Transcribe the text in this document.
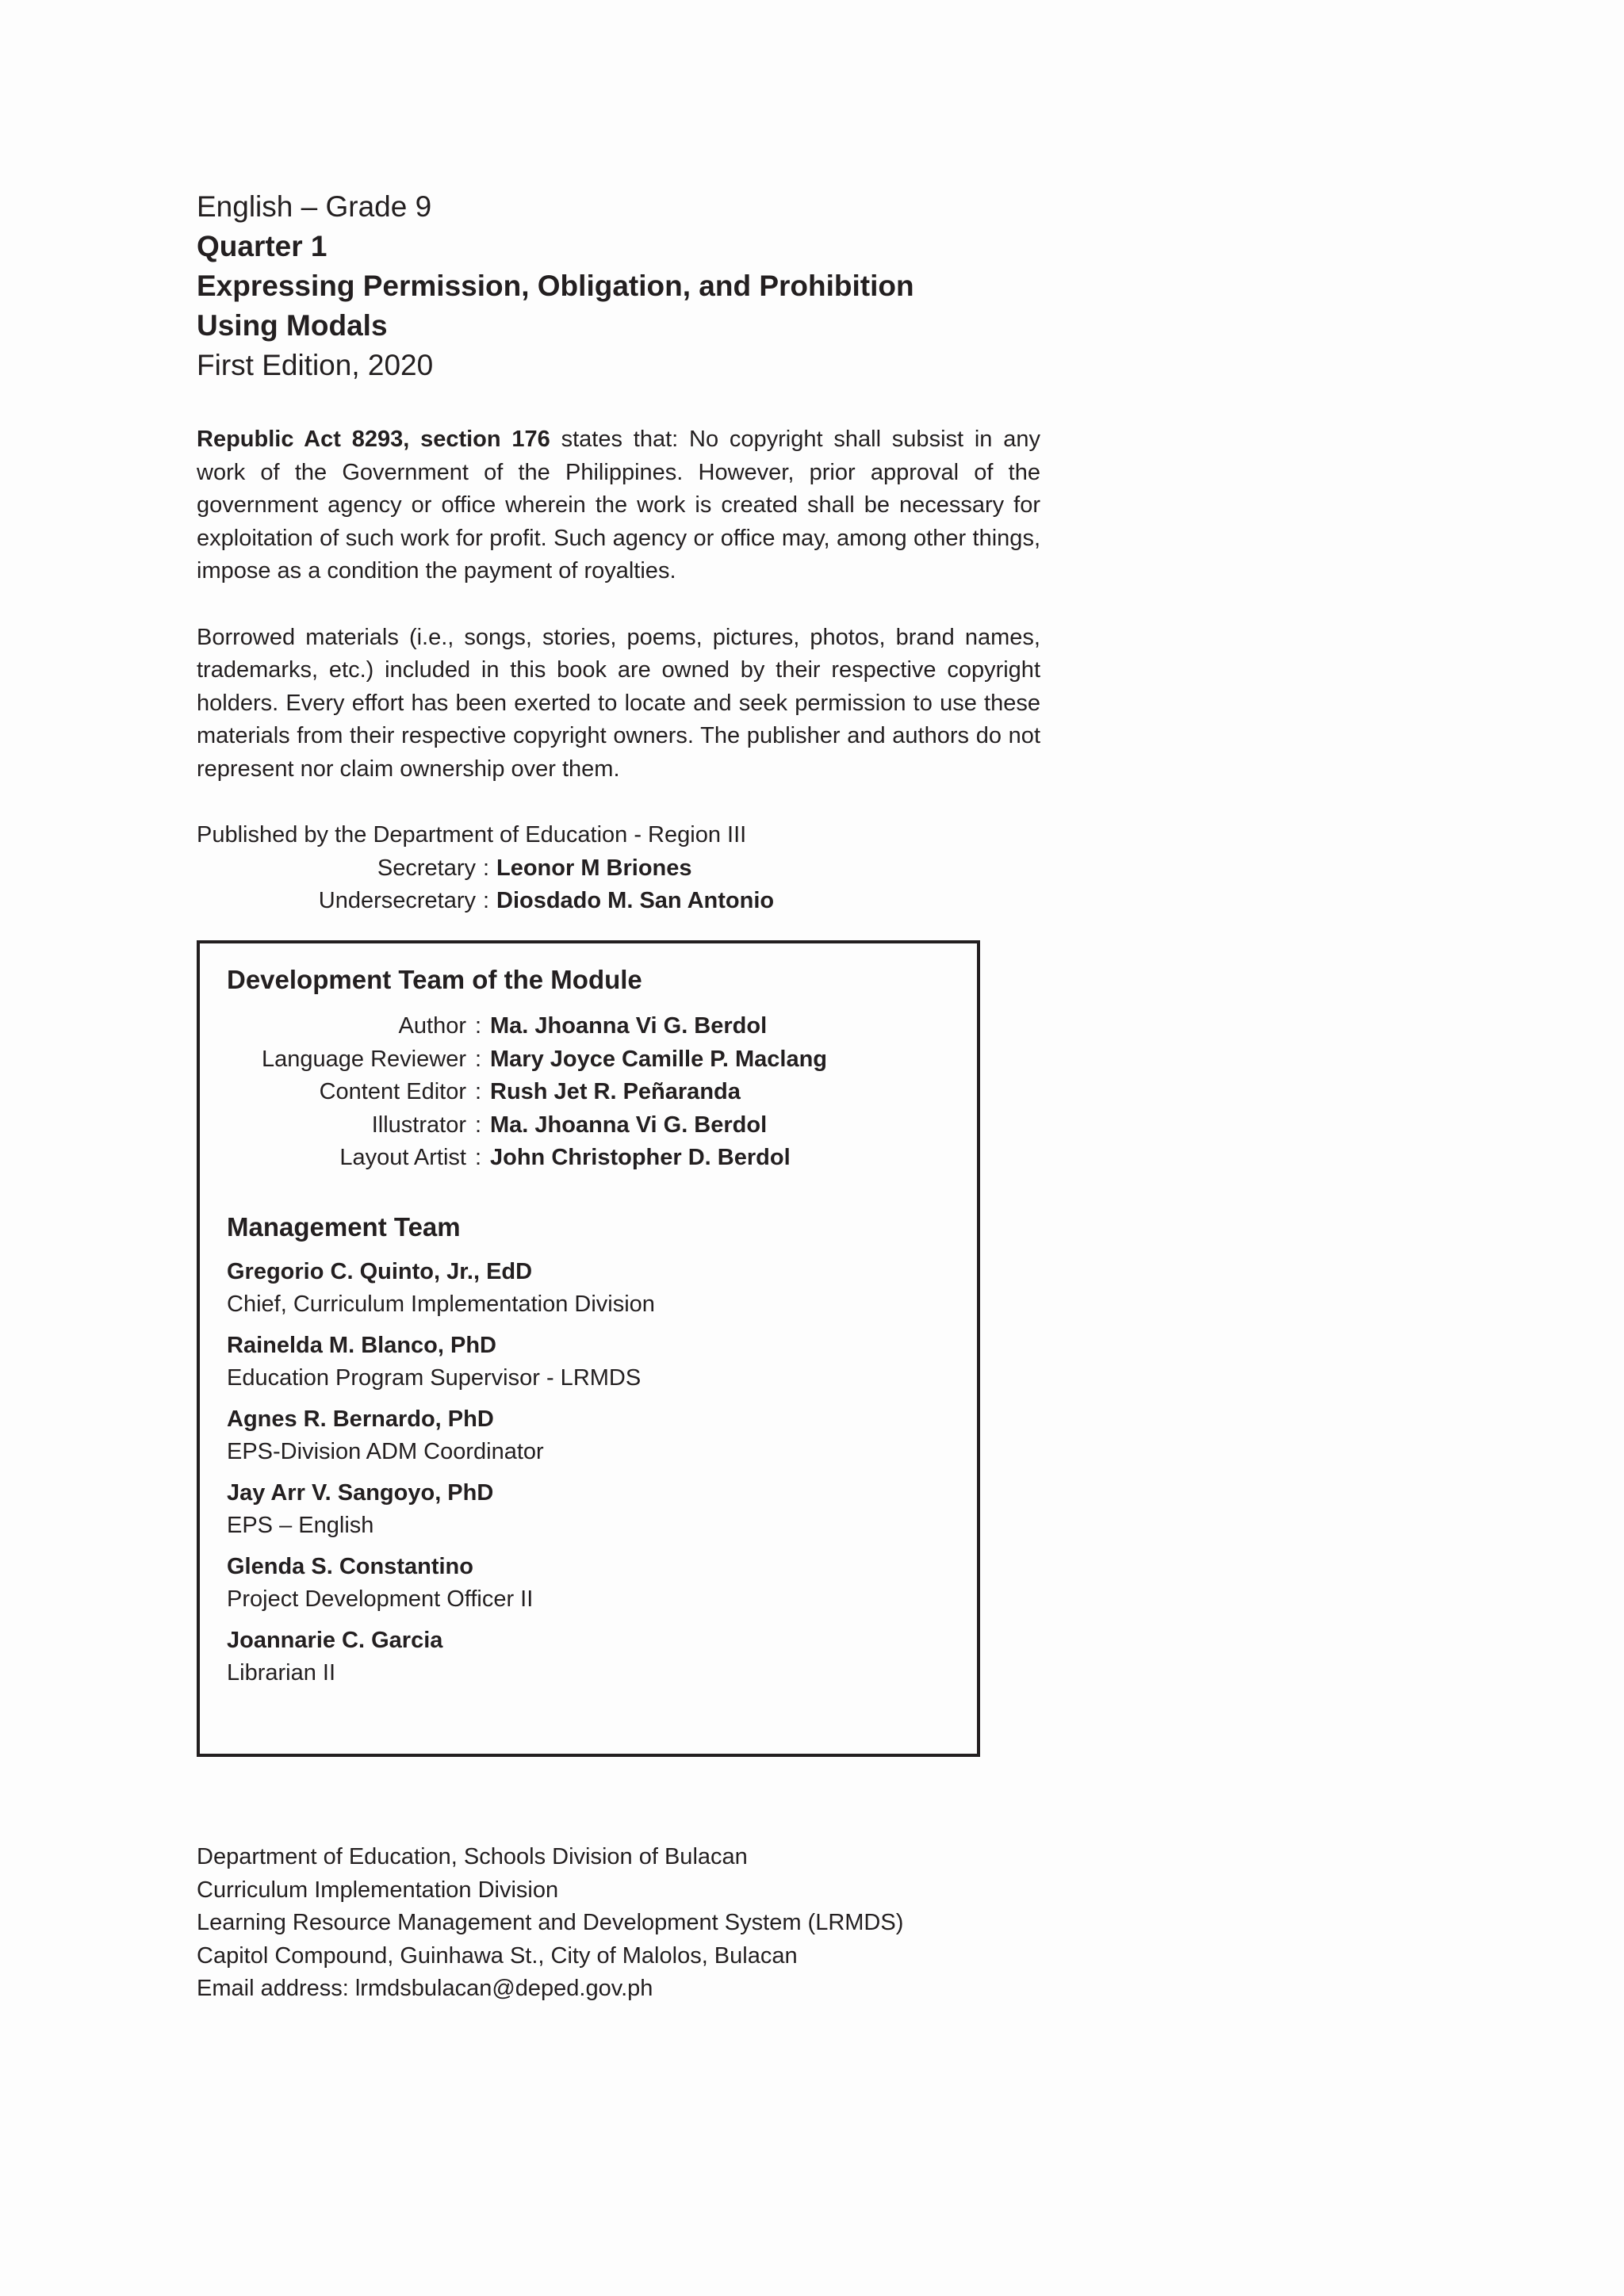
English – Grade 9
Quarter 1
Expressing Permission, Obligation, and Prohibition
Using Modals
First Edition, 2020

Republic Act 8293, section 176 states that: No copyright shall subsist in any work of the Government of the Philippines. However, prior approval of the government agency or office wherein the work is created shall be necessary for exploitation of such work for profit. Such agency or office may, among other things, impose as a condition the payment of royalties.

Borrowed materials (i.e., songs, stories, poems, pictures, photos, brand names, trademarks, etc.) included in this book are owned by their respective copyright holders. Every effort has been exerted to locate and seek permission to use these materials from their respective copyright owners. The publisher and authors do not represent nor claim ownership over them.

Published by the Department of Education - Region III
Secretary : Leonor M Briones
Undersecretary : Diosdado M. San Antonio
Development Team of the Module
Author : Ma. Jhoanna Vi G. Berdol
Language Reviewer : Mary Joyce Camille P. Maclang
Content Editor : Rush Jet R. Peñaranda
Illustrator : Ma. Jhoanna Vi G. Berdol
Layout Artist : John Christopher D. Berdol
Management Team
Gregorio C. Quinto, Jr., EdD
Chief, Curriculum Implementation Division
Rainelda M. Blanco, PhD
Education Program Supervisor - LRMDS
Agnes R. Bernardo, PhD
EPS-Division ADM Coordinator
Jay Arr V. Sangoyo, PhD
EPS – English
Glenda S. Constantino
Project Development Officer II
Joannarie C. Garcia
Librarian II
Department of Education, Schools Division of Bulacan
Curriculum Implementation Division
Learning Resource Management and Development System (LRMDS)
Capitol Compound, Guinhawa St., City of Malolos, Bulacan
Email address: lrmdsbulacan@deped.gov.ph
